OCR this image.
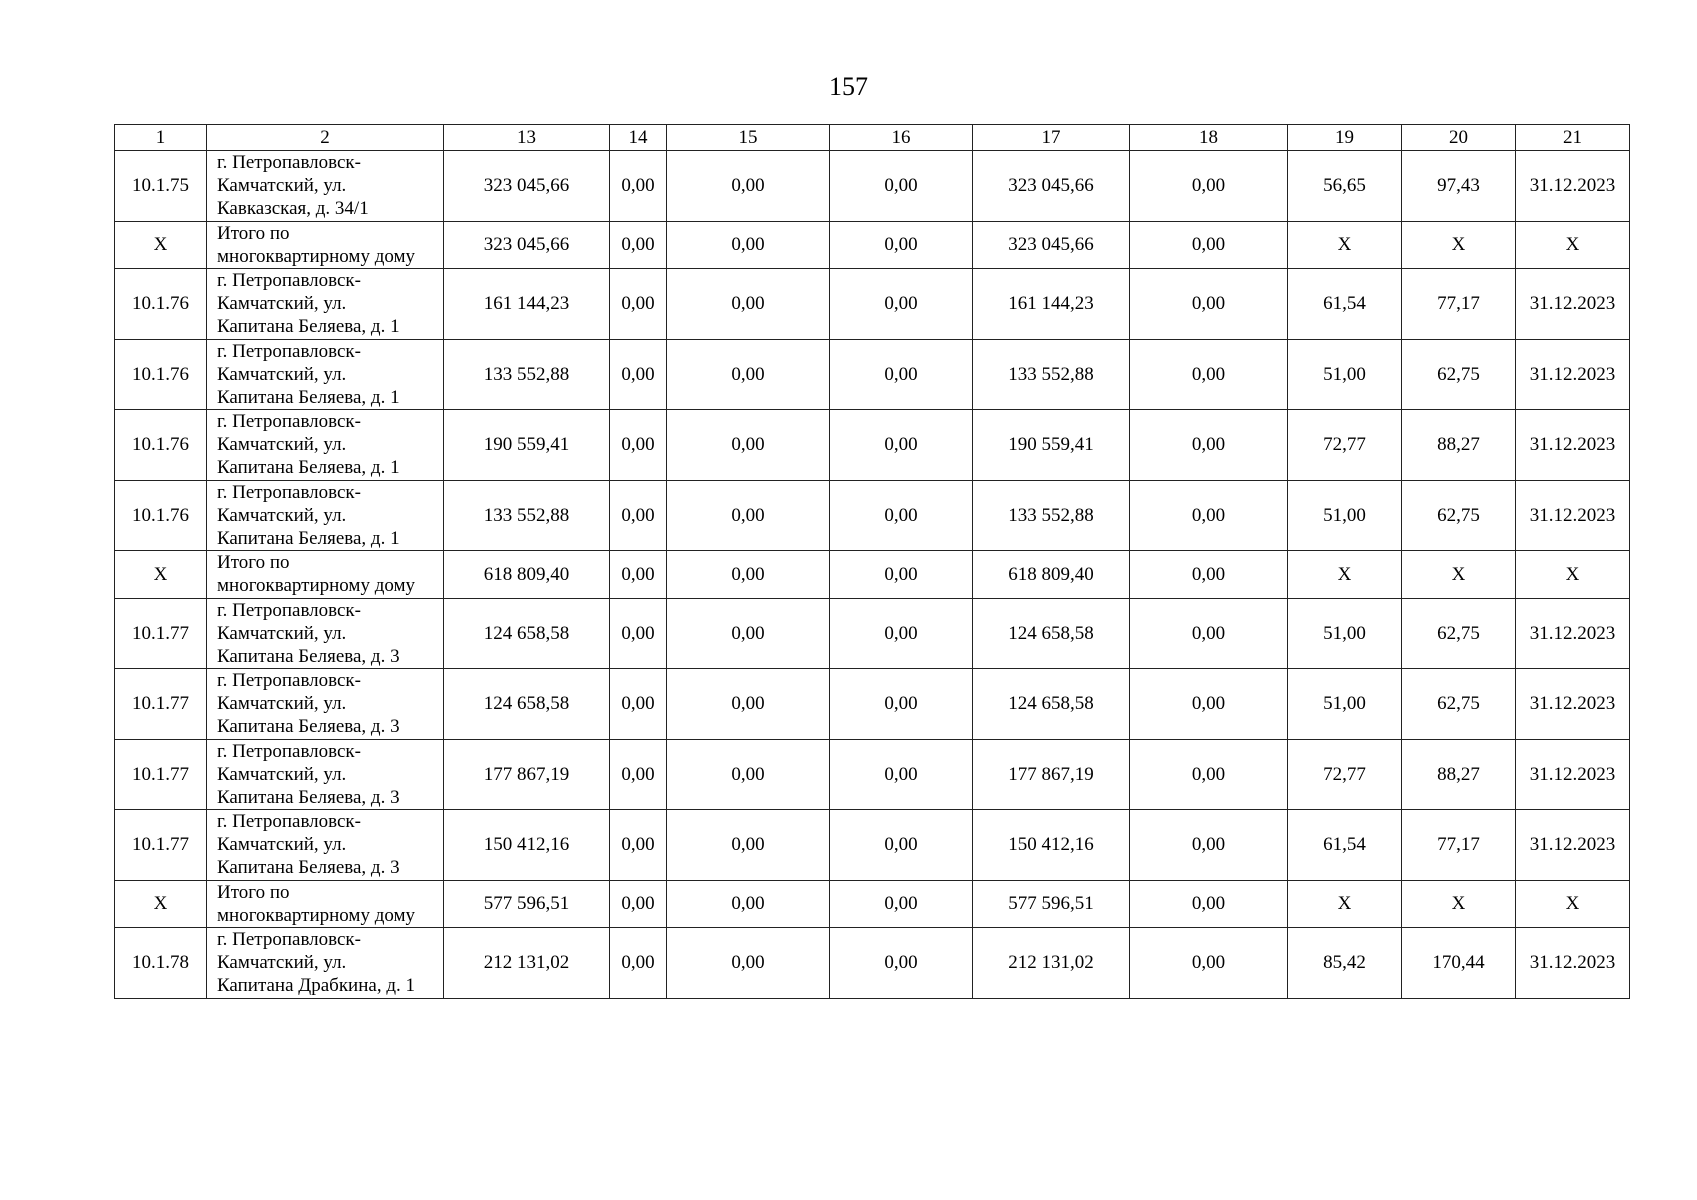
157
1	2	13	14	15	16	17	18	19	20	21
10.1.75	г. Петропавловск-
Камчатский, ул.
Кавказская, д. 34/1	323 045,66	0,00	0,00	0,00	323 045,66	0,00	56,65	97,43	31.12.2023
X	Итого по
многоквартирному дому	323 045,66	0,00	0,00	0,00	323 045,66	0,00	X	X	X
10.1.76	г. Петропавловск-
Камчатский, ул.
Капитана Беляева, д. 1	161 144,23	0,00	0,00	0,00	161 144,23	0,00	61,54	77,17	31.12.2023
10.1.76	г. Петропавловск-
Камчатский, ул.
Капитана Беляева, д. 1	133 552,88	0,00	0,00	0,00	133 552,88	0,00	51,00	62,75	31.12.2023
10.1.76	г. Петропавловск-
Камчатский, ул.
Капитана Беляева, д. 1	190 559,41	0,00	0,00	0,00	190 559,41	0,00	72,77	88,27	31.12.2023
10.1.76	г. Петропавловск-
Камчатский, ул.
Капитана Беляева, д. 1	133 552,88	0,00	0,00	0,00	133 552,88	0,00	51,00	62,75	31.12.2023
X	Итого по
многоквартирному дому	618 809,40	0,00	0,00	0,00	618 809,40	0,00	X	X	X
10.1.77	г. Петропавловск-
Камчатский, ул.
Капитана Беляева, д. 3	124 658,58	0,00	0,00	0,00	124 658,58	0,00	51,00	62,75	31.12.2023
10.1.77	г. Петропавловск-
Камчатский, ул.
Капитана Беляева, д. 3	124 658,58	0,00	0,00	0,00	124 658,58	0,00	51,00	62,75	31.12.2023
10.1.77	г. Петропавловск-
Камчатский, ул.
Капитана Беляева, д. 3	177 867,19	0,00	0,00	0,00	177 867,19	0,00	72,77	88,27	31.12.2023
10.1.77	г. Петропавловск-
Камчатский, ул.
Капитана Беляева, д. 3	150 412,16	0,00	0,00	0,00	150 412,16	0,00	61,54	77,17	31.12.2023
X	Итого по
многоквартирному дому	577 596,51	0,00	0,00	0,00	577 596,51	0,00	X	X	X
10.1.78	г. Петропавловск-
Камчатский, ул.
Капитана Драбкина, д. 1	212 131,02	0,00	0,00	0,00	212 131,02	0,00	85,42	170,44	31.12.2023
